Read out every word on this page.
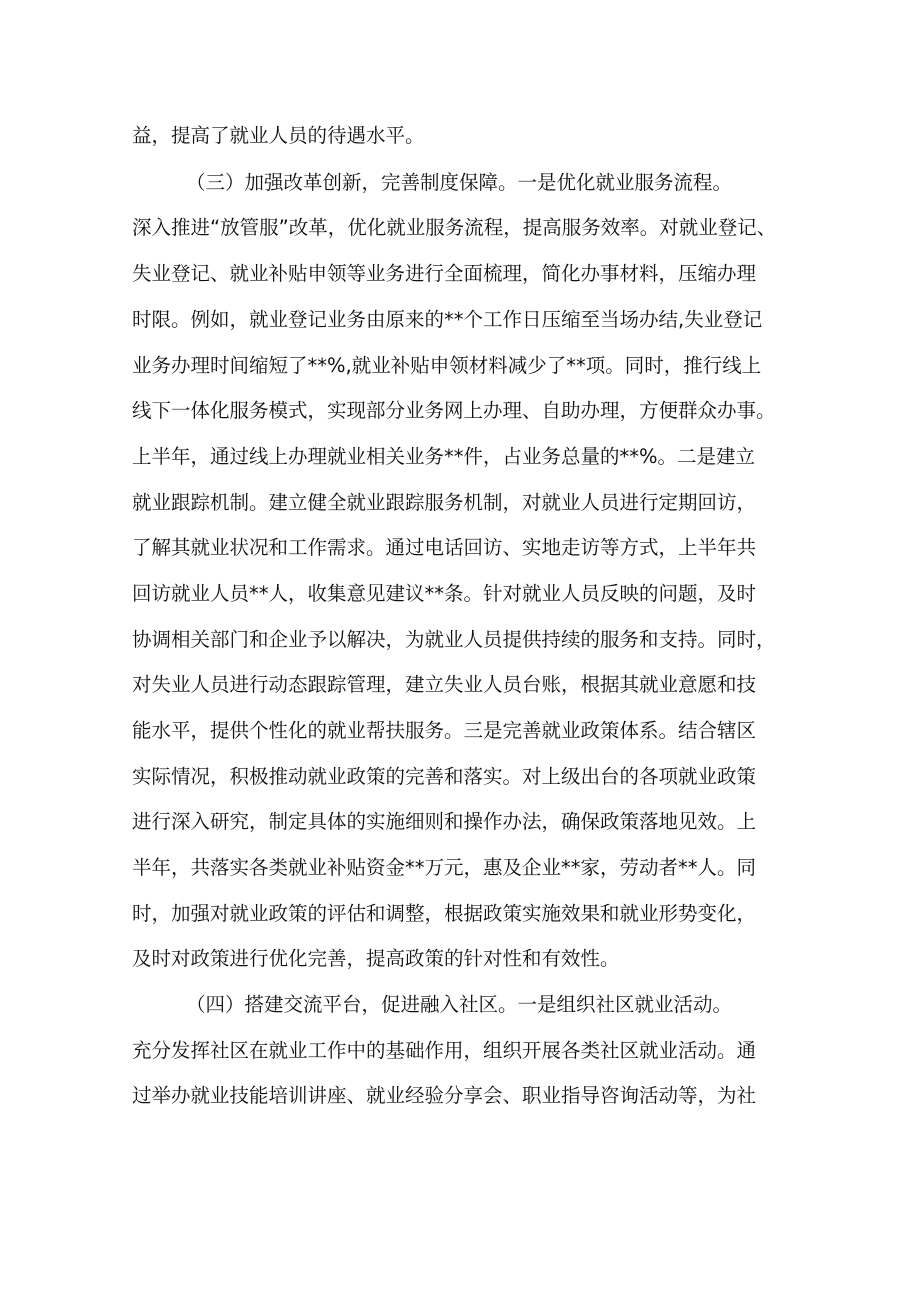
益，提高了就业人员的待遇水平。
（三）加强改革创新，完善制度保障。一是优化就业服务流程。
深入推进“放管服”改革，优化就业服务流程，提高服务效率。对就业登记、
失业登记、就业补贴申领等业务进行全面梳理，简化办事材料，压缩办理
时限。例如，就业登记业务由原来的**个工作日压缩至当场办结,失业登记
业务办理时间缩短了**%,就业补贴申领材料减少了**项。同时，推行线上
线下一体化服务模式，实现部分业务网上办理、自助办理，方便群众办事。
上半年，通过线上办理就业相关业务**件，占业务总量的**%。二是建立
就业跟踪机制。建立健全就业跟踪服务机制，对就业人员进行定期回访，
了解其就业状况和工作需求。通过电话回访、实地走访等方式，上半年共
回访就业人员**人，收集意见建议**条。针对就业人员反映的问题，及时
协调相关部门和企业予以解决，为就业人员提供持续的服务和支持。同时，
对失业人员进行动态跟踪管理，建立失业人员台账，根据其就业意愿和技
能水平，提供个性化的就业帮扶服务。三是完善就业政策体系。结合辖区
实际情况，积极推动就业政策的完善和落实。对上级出台的各项就业政策
进行深入研究，制定具体的实施细则和操作办法，确保政策落地见效。上
半年，共落实各类就业补贴资金**万元，惠及企业**家，劳动者**人。同
时，加强对就业政策的评估和调整，根据政策实施效果和就业形势变化，
及时对政策进行优化完善，提高政策的针对性和有效性。
（四）搭建交流平台，促进融入社区。一是组织社区就业活动。
充分发挥社区在就业工作中的基础作用，组织开展各类社区就业活动。通
过举办就业技能培训讲座、就业经验分享会、职业指导咨询活动等，为社
